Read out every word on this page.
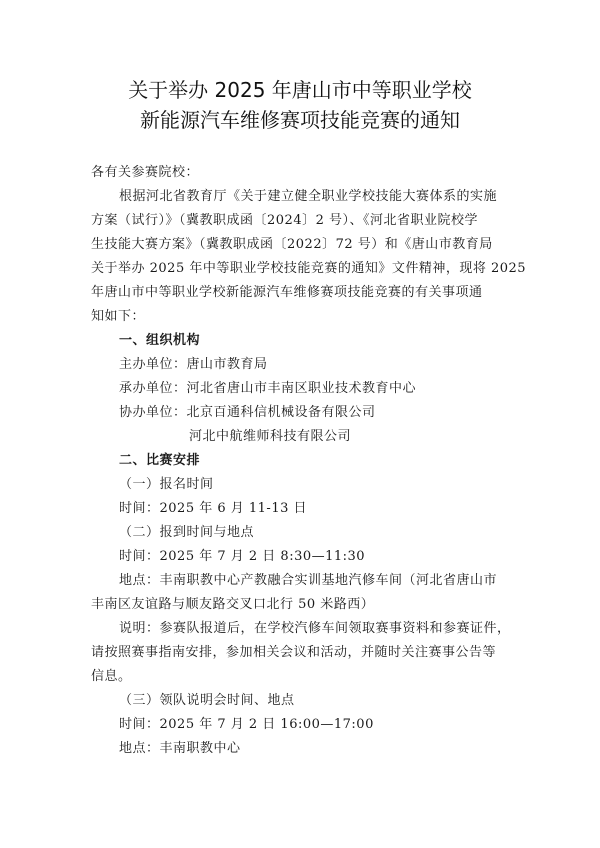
关于举办 2025 年唐山市中等职业学校
新能源汽车维修赛项技能竞赛的通知
各有关参赛院校：
根据河北省教育厅《关于建立健全职业学校技能大赛体系的实施
方案（试行）》（冀教职成函〔2024〕2 号）、《河北省职业院校学
生技能大赛方案》（冀教职成函〔2022〕72 号）和《唐山市教育局
关于举办 2025 年中等职业学校技能竞赛的通知》文件精神，现将 2025
年唐山市中等职业学校新能源汽车维修赛项技能竞赛的有关事项通
知如下：
一、组织机构
主办单位：唐山市教育局
承办单位：河北省唐山市丰南区职业技术教育中心
协办单位：北京百通科信机械设备有限公司
河北中航维师科技有限公司
二、比赛安排
（一）报名时间
时间：2025 年 6 月 11-13 日
（二）报到时间与地点
时间：2025 年 7 月 2 日 8:30—11:30
地点：丰南职教中心产教融合实训基地汽修车间（河北省唐山市
丰南区友谊路与顺友路交叉口北行 50 米路西）
说明：参赛队报道后，在学校汽修车间领取赛事资料和参赛证件，
请按照赛事指南安排，参加相关会议和活动，并随时关注赛事公告等
信息。
（三）领队说明会时间、地点
时间：2025 年 7 月 2 日 16:00—17:00
地点：丰南职教中心
